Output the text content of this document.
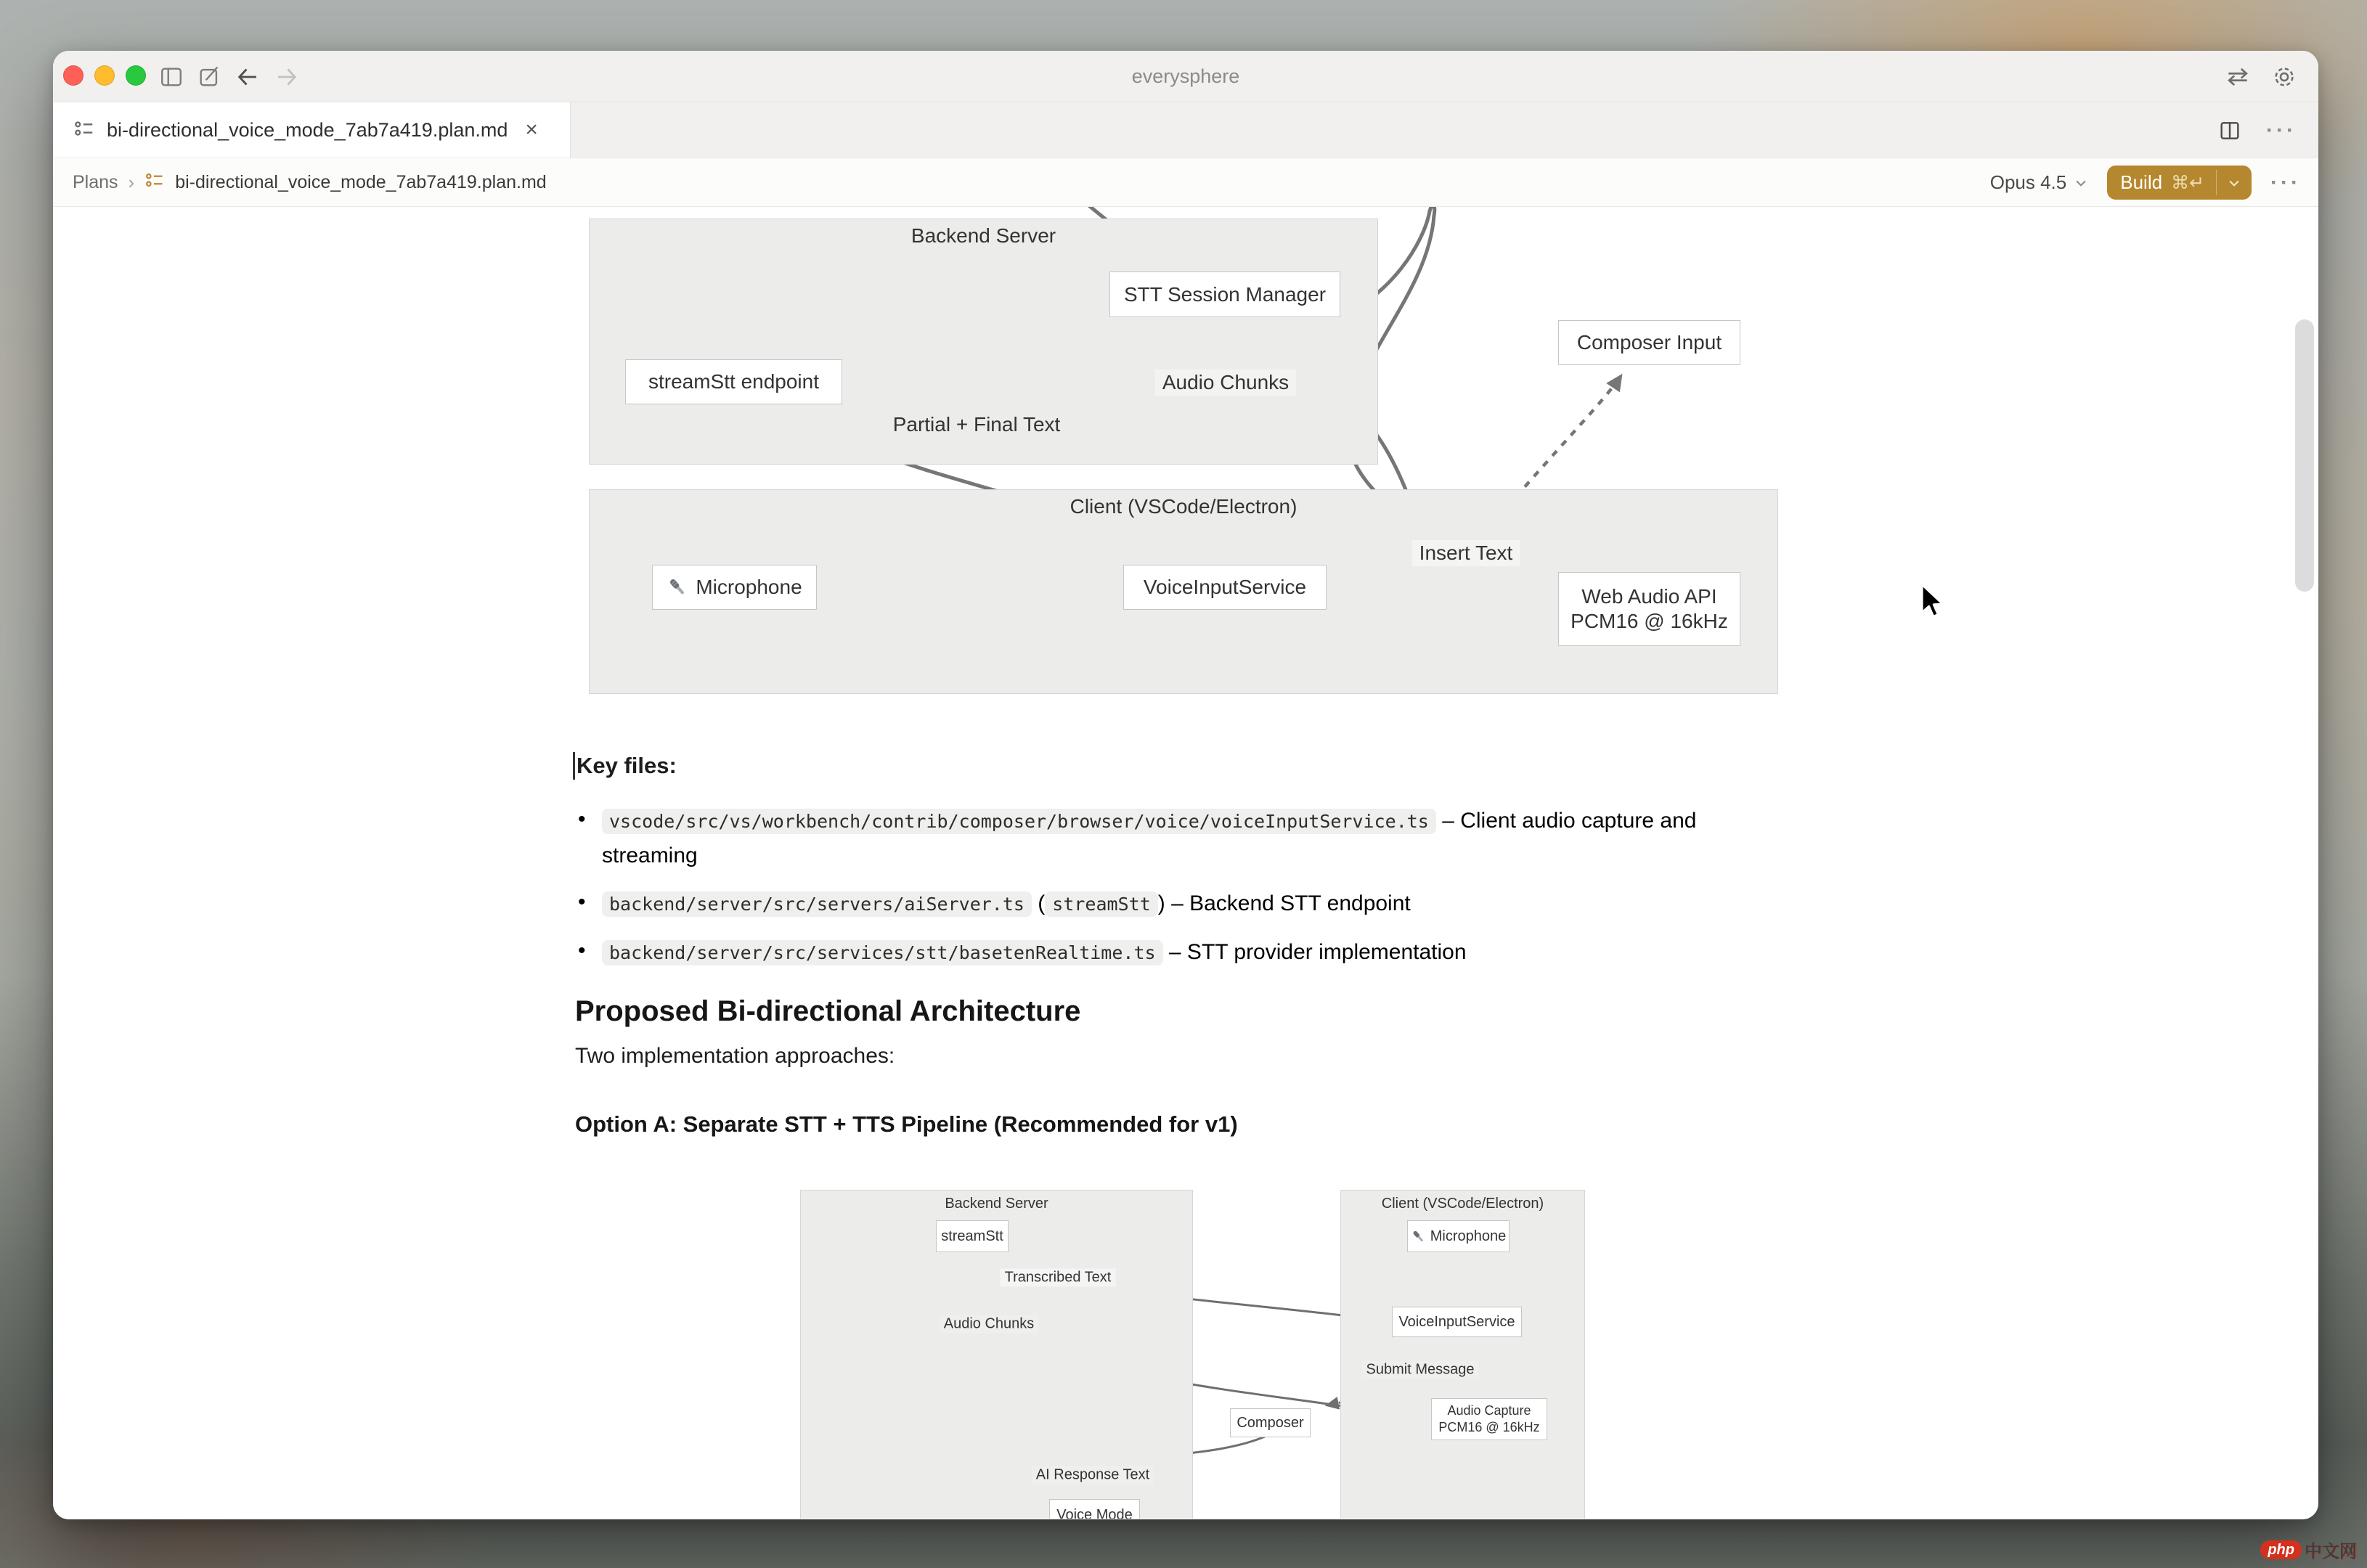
everysphere
bi-directional_voice_mode_7ab7a419.plan.md ×	···
Plans › bi-directional_voice_mode_7ab7a419.plan.md	Opus 4.5	Build ⌘↵	···
Backend Server
Client (VSCode/Electron)
STT Session Manager
streamStt endpoint
Composer Input
Microphone	VoiceInputService	Web Audio API
PCM16 @ 16kHz
Audio Chunks
Partial + Final Text
Insert Text
Key files:
• vscode/src/vs/workbench/contrib/composer/browser/voice/voiceInputService.ts – Client audio capture and streaming
• backend/server/src/servers/aiServer.ts ( streamStt ) – Backend STT endpoint
• backend/server/src/services/stt/basetenRealtime.ts – STT provider implementation
Proposed Bi-directional Architecture
Two implementation approaches:
Option A: Separate STT + TTS Pipeline (Recommended for v1)
Backend Server	Client (VSCode/Electron)
streamStt	Microphone
VoiceInputService
Composer
Audio Capture
PCM16 @ 16kHz
Voice Mode
Transcribed Text
Audio Chunks
Submit Message
AI Response Text
php 中文网
